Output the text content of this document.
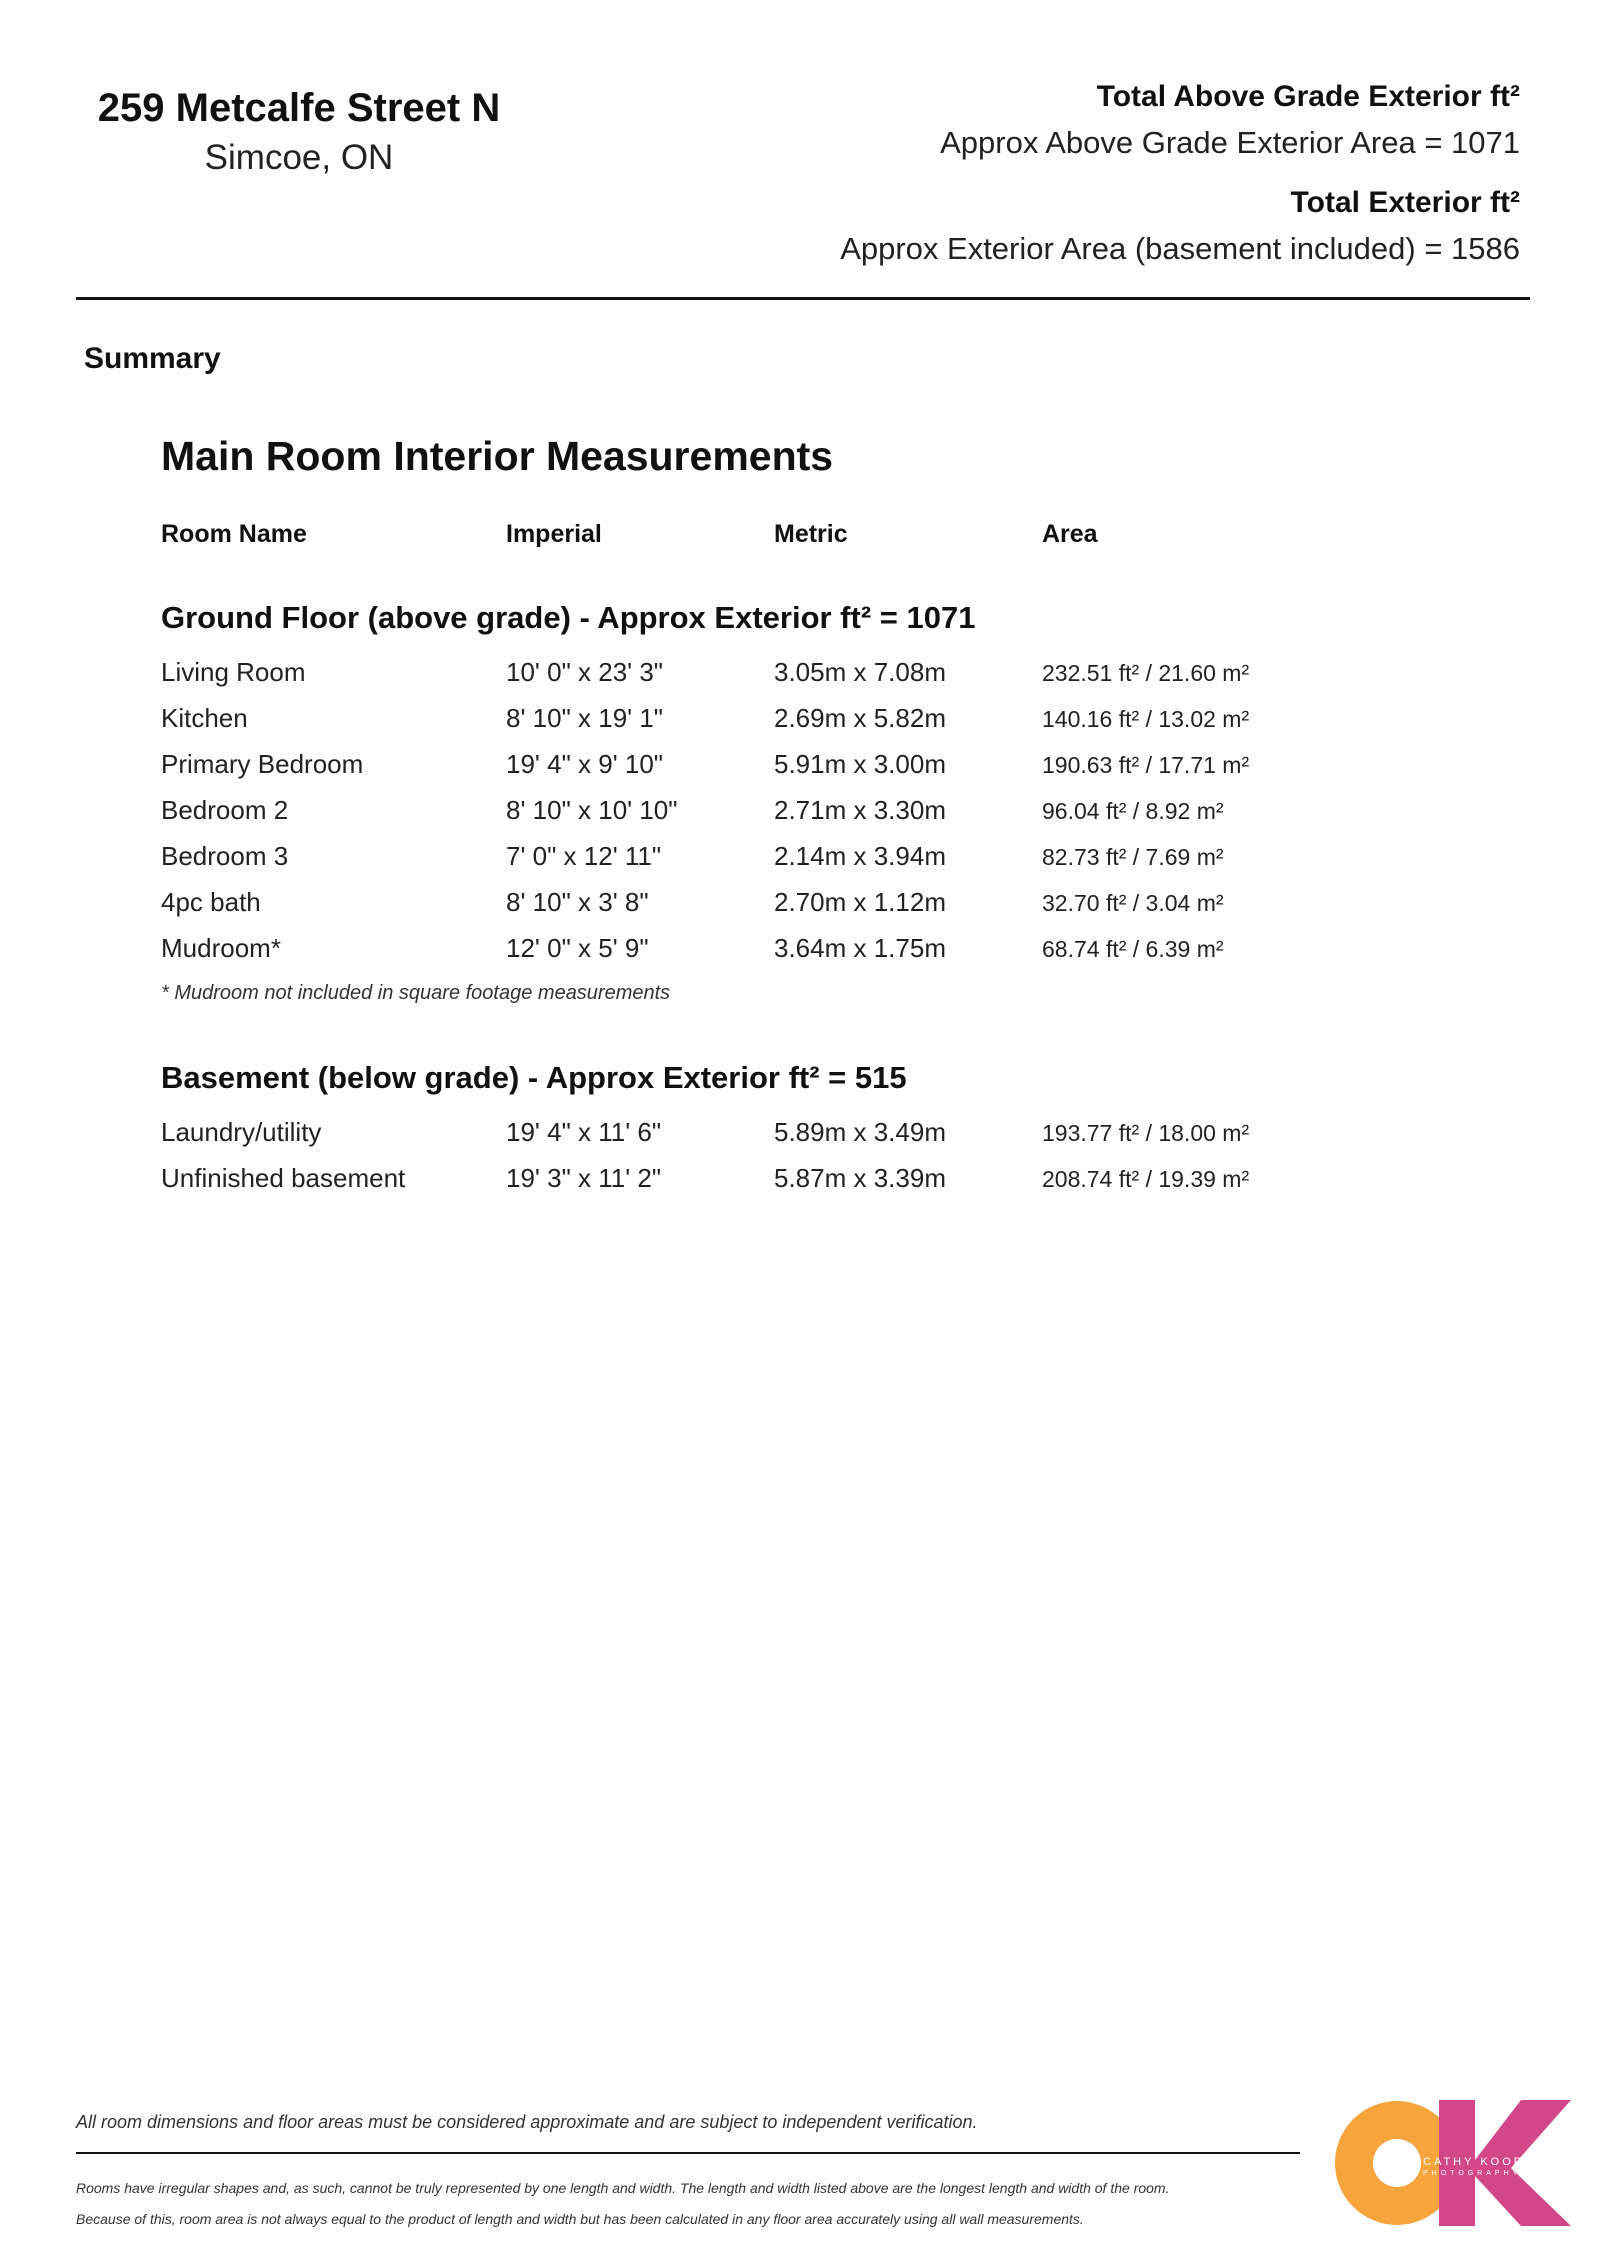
259 Metcalfe Street N
Simcoe, ON
Total Above Grade Exterior ft²
Approx Above Grade Exterior Area = 1071
Total Exterior ft²
Approx Exterior Area (basement included) = 1586
Summary
Main Room Interior Measurements
Room Name	Imperial	Metric	Area
Ground Floor (above grade) - Approx Exterior ft² = 1071
Living Room	10' 0" x 23' 3"	3.05m x 7.08m	232.51 ft² / 21.60 m²
Kitchen	8' 10" x 19' 1"	2.69m x 5.82m	140.16 ft² / 13.02 m²
Primary Bedroom	19' 4" x 9' 10"	5.91m x 3.00m	190.63 ft² / 17.71 m²
Bedroom 2	8' 10" x 10' 10"	2.71m x 3.30m	96.04 ft² / 8.92 m²
Bedroom 3	7' 0" x 12' 11"	2.14m x 3.94m	82.73 ft² / 7.69 m²
4pc bath	8' 10" x 3' 8"	2.70m x 1.12m	32.70 ft² / 3.04 m²
Mudroom*	12' 0" x 5' 9"	3.64m x 1.75m	68.74 ft² / 6.39 m²
* Mudroom not included in square footage measurements
Basement (below grade) - Approx Exterior ft² = 515
Laundry/utility	19' 4" x 11' 6"	5.89m x 3.49m	193.77 ft² / 18.00 m²
Unfinished basement	19' 3" x 11' 2"	5.87m x 3.39m	208.74 ft² / 19.39 m²
All room dimensions and floor areas must be considered approximate and are subject to independent verification.
Rooms have irregular shapes and, as such, cannot be truly represented by one length and width. The length and width listed above are the longest length and width of the room.
Because of this, room area is not always equal to the product of length and width but has been calculated in any floor area accurately using all wall measurements.
CATHY KOOP
PHOTOGRAPHY
